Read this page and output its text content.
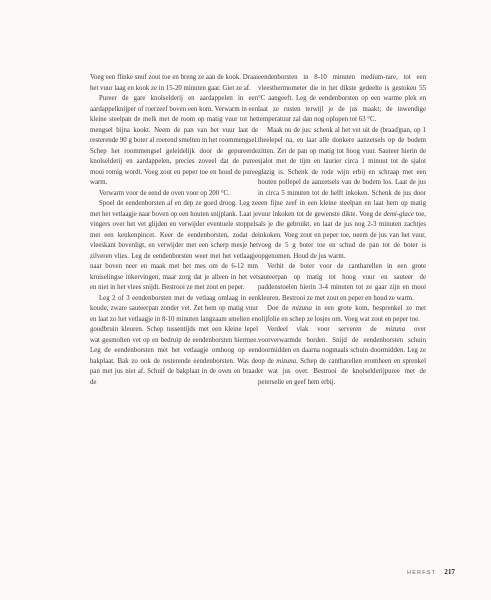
Voeg een flinke snuf zout toe en breng ze aan de kook. Draai het vuur laag en kook ze in 15-20 minuten gaar. Giet ze af.

Pureer de gare knolselderij en aardappelen in een aardappelknijper of roerzeef boven een kom. Verwarm in een kleine steelpan de melk met de room op matig vuur tot het mengsel bijna kookt. Neem de pan van het vuur laat de resterende 90 g boter al roerend smelten in het roommengsel. Schep het roommengsel geleidelijk door de gepureerde knolselderij en aardappelen, precies zoveel dat de puree mooi romig wordt. Voeg zout en peper toe en houd de puree warm.

Verwarm voor de eend de oven voor op 200 °C.

Spoel de eendenborsten af en dep ze goed droog. Leg ze met het vetlaagje naar boven op een houten snijplank. Laat je vingers over het vet glijden en verwijder eventuele stoppels met een keukenpincet. Keer de eendenborsten, zodat de vleeskant bovenligt, en verwijder met een scherp mesje het zilveren vlies. Leg de eendenborsten weer met het vetlaagje naar boven neer en maak met het mes om de 6-12 mm kruiselingse inkervingen, maar zorg dat je alleen in het vet en niet in het vlees snijdt. Bestrooi ze met zout en peper.

Leg 2 of 3 eendenborsten met de vetlaag omlaag in een koude, zware sauteerpan zonder vet. Zet hem op matig vuur en laat zo het vetlaagje in 8-10 minuten langzaam smelten en goudbruin kleuren. Schep tussentijds met een kleine lepel wat gesmolten vet op en bedruip de eendenborsten hiermee. Leg de eendenborsten met het vetlaagje omhoog op een bakplaat. Bak zo ook de resterende eendenborsten. Was de pan met jus niet af. Schuif de bakplaat in de oven en braad de

eendenborsten in 8-10 minuten medium-rare, tot een vleesthermometer die in het dikste gedeelte is gestoken 55 °C aangeeft. Leg de eendenborsten op een warme plek en laat ze rusten terwijl je de jus maakt; de inwendige temperatuur zal dan nog oplopen tot 63 °C.

Maak nu de jus: schenk al het vet uit de (braad)pan, op 1 theelepel na, en laat alle donkere aanzetsels op de bodem zitten. Zet de pan op matig tot hoog vuur. Sauteer hierin de sjalot met de tijm en laurier circa 1 minuut tot de sjalot glazig is. Schenk de rode wijn erbij en schraap met een houten pollepel de aanzetsels van de bodem los. Laat de jus in circa 5 minuten tot de helft inkoken. Schenk de jus door een fijne zeef in een kleine steelpan en laat hem op matig vuur inkoken tot de gewenste dikte. Voeg de demi-glace toe, als je die gebruikt, en laat de jus nog 2-3 minuten zachtjes inkoken. Voeg zout en peper toe, neem de jus van het vuur, voeg de 5 g boter toe en schud de pan tot de boter is opgenomen. Houd de jus warm.

Verhit de boter voor de cantharellen in een grote sauteerpan op matig tot hoog vuur en sauteer de paddenstoelen hierin 3-4 minuten tot ze gaar zijn en mooi kleuren. Bestrooi ze met zout en peper en houd ze warm.

Doe de mizuna in een grote kom, besprenkel ze met olijfolie en schep ze losjes om. Voeg wat zout en peper toe.

Verdeel vlak voor serveren de mizuna over voorverwarmde borden. Snijd de eendenborsten schuin doormidden en daarna nogmaals schuin doormidden. Leg ze op de mizuna. Schep de cantharellen eromheen en sprenkel er wat jus over. Bestrooi de knolselderijpuree met de peterselie en geef hem erbij.

HERFST 217
